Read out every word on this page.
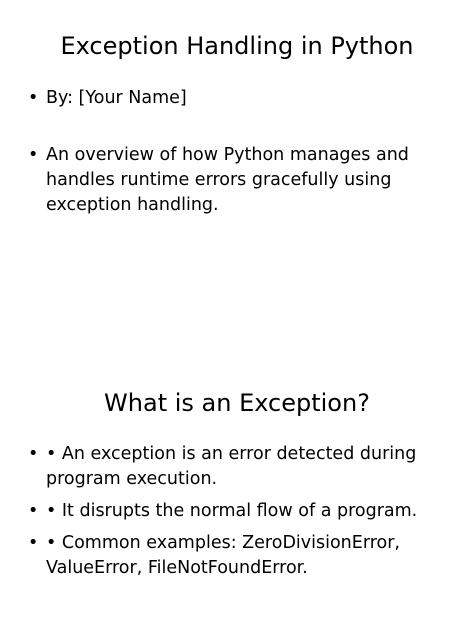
Exception Handling in Python
• By: [Your Name]
• An overview of how Python manages and handles runtime errors gracefully using exception handling.
What is an Exception?
• • An exception is an error detected during program execution.
• • It disrupts the normal flow of a program.
• • Common examples: ZeroDivisionError, ValueError, FileNotFoundError.
